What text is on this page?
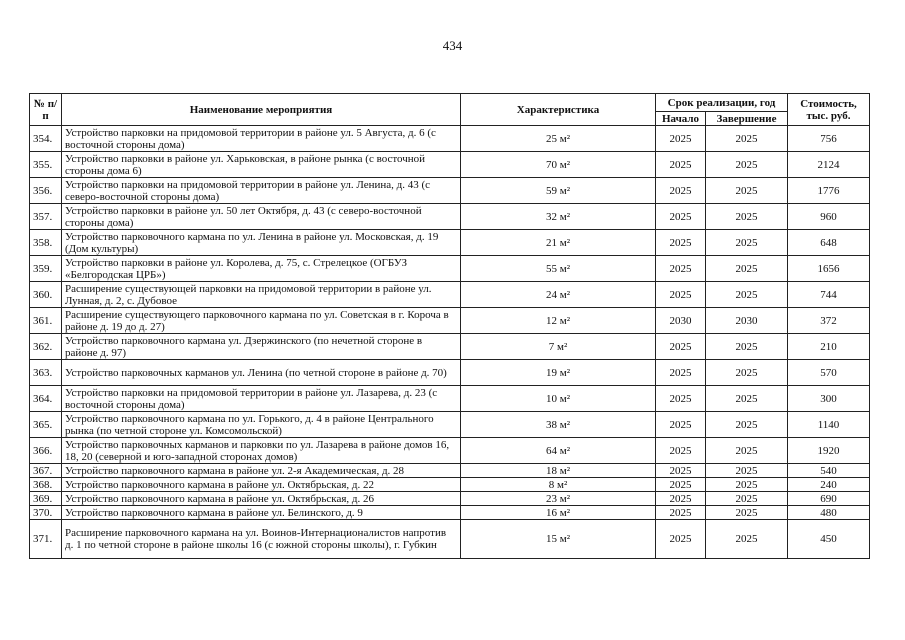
434
№ п/п	Наименование мероприятия	Характеристика	Срок реализации, год		Стоимость, тыс. руб.
			Начало	Завершение	
354.	Устройство парковки на придомовой территории в районе ул. 5 Августа, д. 6 (с восточной стороны дома)	25 м²	2025	2025	756
355.	Устройство парковки в районе ул. Харьковская, в районе рынка (с восточной стороны дома 6)	70 м²	2025	2025	2124
356.	Устройство парковки на придомовой территории в районе ул. Ленина, д. 43 (с северо-восточной стороны дома)	59 м²	2025	2025	1776
357.	Устройство парковки в районе ул. 50 лет Октября, д. 43 (с северо-восточной стороны дома)	32 м²	2025	2025	960
358.	Устройство парковочного кармана по ул. Ленина в районе ул. Московская, д. 19 (Дом культуры)	21 м²	2025	2025	648
359.	Устройство парковки в районе ул. Королева, д. 75, с. Стрелецкое (ОГБУЗ «Белгородская ЦРБ»)	55 м²	2025	2025	1656
360.	Расширение существующей парковки на придомовой территории в районе ул. Лунная, д. 2, с. Дубовое	24 м²	2025	2025	744
361.	Расширение существующего парковочного кармана по ул. Советская в г. Короча в районе д. 19 до д. 27)	12 м²	2030	2030	372
362.	Устройство парковочного кармана ул. Дзержинского (по нечетной стороне в районе д. 97)	7 м²	2025	2025	210
363.	Устройство парковочных карманов ул. Ленина (по четной стороне в районе д. 70)	19 м²	2025	2025	570
364.	Устройство парковки на придомовой территории в районе ул. Лазарева, д. 23 (с восточной стороны дома)	10 м²	2025	2025	300
365.	Устройство парковочного кармана по ул. Горького, д. 4 в районе Центрального рынка (по четной стороне ул. Комсомольской)	38 м²	2025	2025	1140
366.	Устройство парковочных карманов и парковки по ул. Лазарева в районе домов 16, 18, 20 (северной и юго-западной сторонах домов)	64 м²	2025	2025	1920
367.	Устройство парковочного кармана в районе ул. 2-я Академическая, д. 28	18 м²	2025	2025	540
368.	Устройство парковочного кармана в районе ул. Октябрьская, д. 22	8 м²	2025	2025	240
369.	Устройство парковочного кармана в районе ул. Октябрьская, д. 26	23 м²	2025	2025	690
370.	Устройство парковочного кармана в районе ул. Белинского, д. 9	16 м²	2025	2025	480
371.	Расширение парковочного кармана на ул. Воинов-Интернационалистов напротив д. 1 по четной стороне в районе школы 16 (с южной стороны школы), г. Губкин	15 м²	2025	2025	450
